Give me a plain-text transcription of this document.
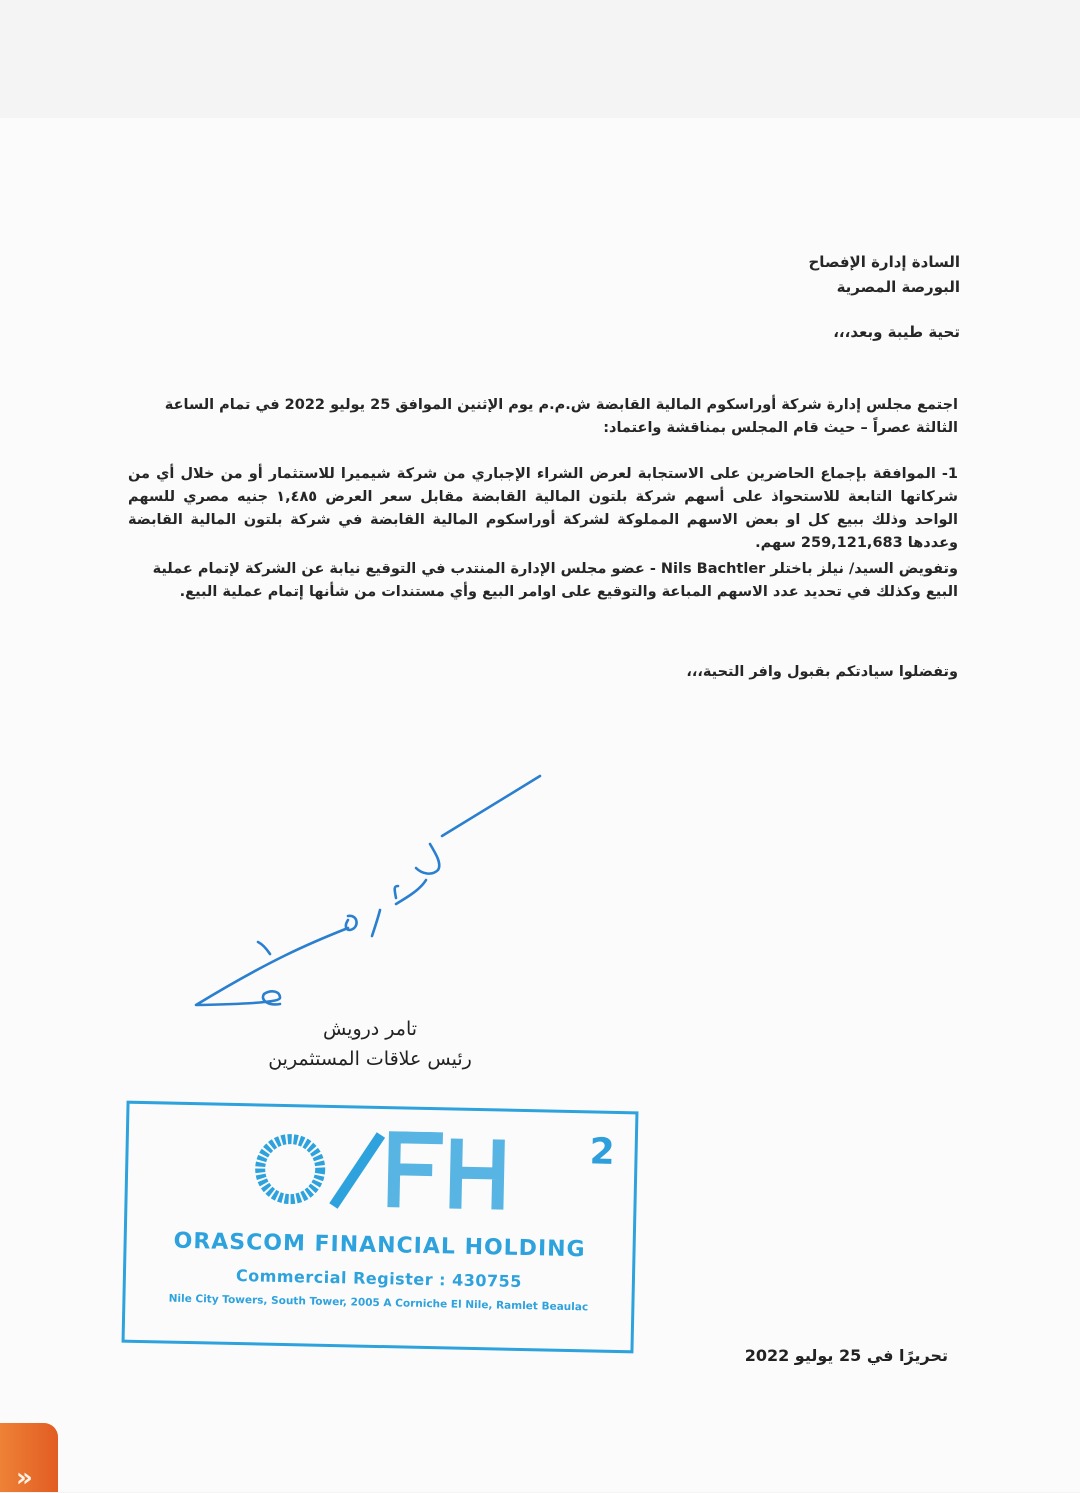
السادة إدارة الإفصاح
البورصة المصرية
تحية طيبة وبعد،،،
اجتمع مجلس إدارة شركة أوراسكوم المالية القابضة ش.م.م يوم الإثنين الموافق 25 يوليو 2022 في تمام الساعة الثالثة عصراً – حيث قام المجلس بمناقشة واعتماد:
1- الموافقة بإجماع الحاضرين على الاستجابة لعرض الشراء الإجباري من شركة شيميرا للاستثمار أو من خلال أي من شركاتها التابعة للاستحواذ على أسهم شركة بلتون المالية القابضة مقابل سعر العرض ١,٤٨٥ جنيه مصري للسهم الواحد وذلك ببيع كل او بعض الاسهم المملوكة لشركة أوراسكوم المالية القابضة في شركة بلتون المالية القابضة وعددها 259,121,683 سهم.
وتفويض السيد/ نيلز باختلر Nils Bachtler - عضو مجلس الإدارة المنتدب في التوقيع نيابة عن الشركة لإتمام عملية البيع وكذلك في تحديد عدد الاسهم المباعة والتوقيع على اوامر البيع وأي مستندات من شأنها إتمام عملية البيع.
وتفضلوا سيادتكم بقبول وافر التحية،،،
تامر درويش
رئيس علاقات المستثمرين
2
ORASCOM FINANCIAL HOLDING
Commercial Register : 430755
Nile City Towers, South Tower, 2005 A Corniche El Nile, Ramlet Beaulac
تحريرًا في 25 يوليو 2022
»
